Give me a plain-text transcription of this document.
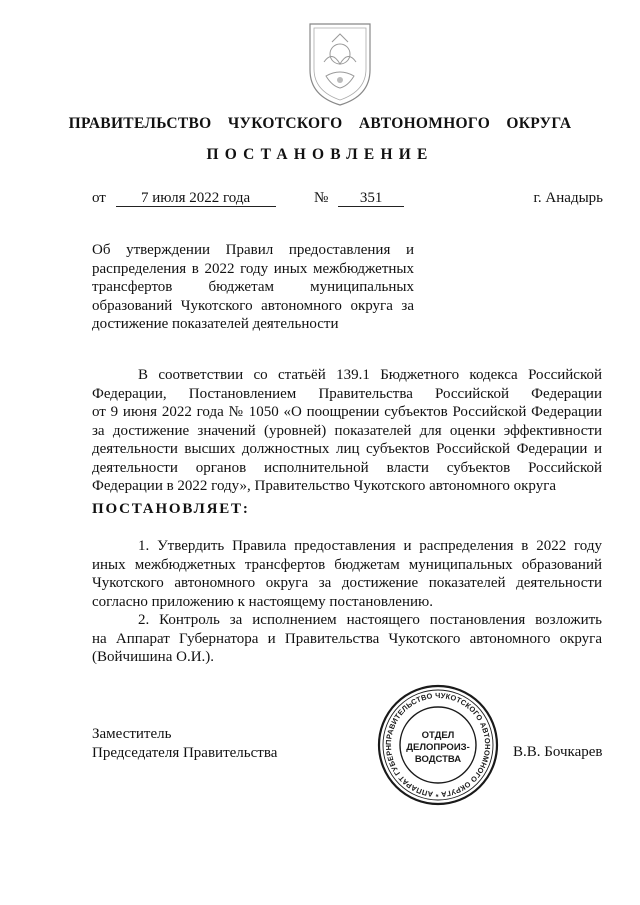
ПРАВИТЕЛЬСТВО  ЧУКОТСКОГО  АВТОНОМНОГО  ОКРУГА
ПОСТАНОВЛЕНИЕ
от 7 июля 2022 года	№ 351	г. Анадырь
Об утверждении Правил предоставления и
распределения в 2022 году иных межбюджетных
трансфертов бюджетам муниципальных
образований Чукотского автономного округа за
достижение показателей деятельности
В соответствии со статьёй 139.1 Бюджетного кодекса Российской
Федерации, Постановлением Правительства Российской Федерации
от 9 июня 2022 года № 1050 «О поощрении субъектов Российской Федерации
за достижение значений (уровней) показателей для оценки эффективности
деятельности высших должностных лиц субъектов Российской Федерации и
деятельности органов исполнительной власти субъектов Российской
Федерации в 2022 году», Правительство Чукотского автономного округа
ПОСТАНОВЛЯЕТ:
1. Утвердить Правила предоставления и распределения в 2022 году
иных межбюджетных трансфертов бюджетам муниципальных образований
Чукотского автономного округа за достижение показателей деятельности
согласно приложению к настоящему постановлению.
2. Контроль за исполнением настоящего постановления возложить
на Аппарат Губернатора и Правительства Чукотского автономного округа
(Войчишина О.И.).
Заместитель
Председателя Правительства	В.В. Бочкарев
ПРАВИТЕЛЬСТВО ЧУКОТСКОГО АВТОНОМНОГО ОКРУГА * АППАРАТ ГУБЕРН
ОТДЕЛ
ДЕЛОПРОИЗ-
ВОДСТВА
